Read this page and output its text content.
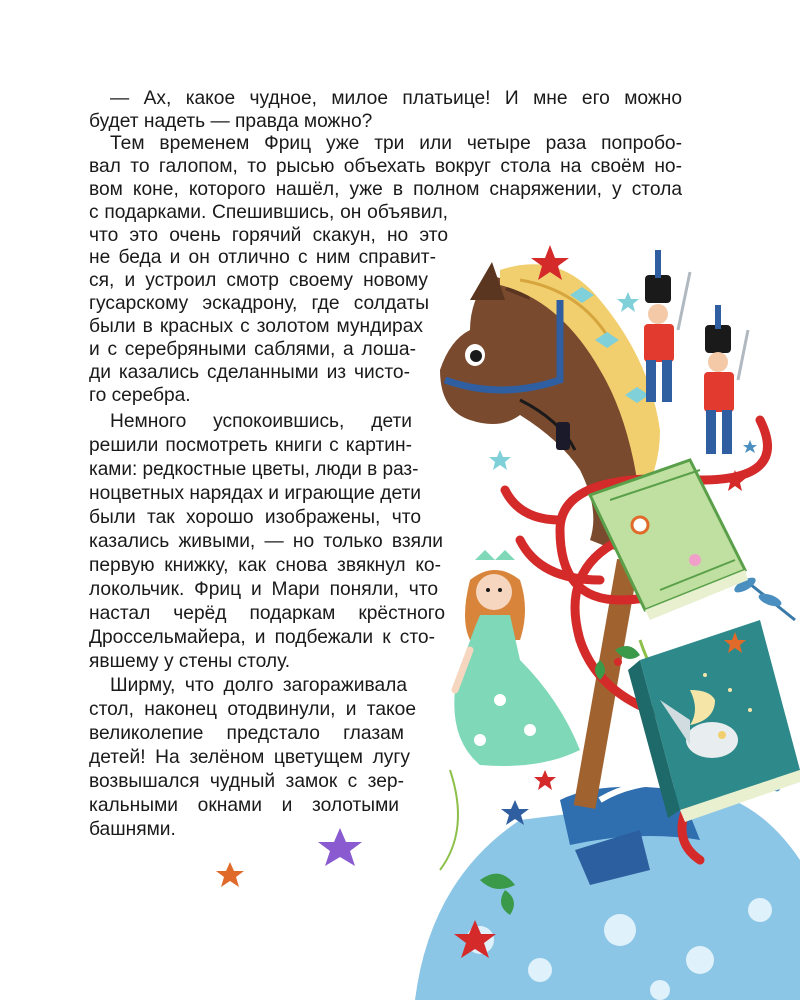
— Ах, какое чудное, милое платьице! И мне его можно

будет надеть — правда можно?

Тем временем Фриц уже три или четыре раза попробо-

вал то галопом, то рысью объехать вокруг стола на своём но-

вом коне, которого нашёл, уже в полном снаряжении, у стола

с подарками. Спешившись, он объявил,

что это очень горячий скакун, но это

не беда и он отлично с ним справит-

ся, и устроил смотр своему новому

гусарскому эскадрону, где солдаты

были в красных с золотом мундирах

и с серебряными саблями, а лоша-

ди казались сделанными из чисто-

го серебра.

Немного успокоившись, дети

решили посмотреть книги с картин-

ками: редкостные цветы, люди в раз-

ноцветных нарядах и играющие дети

были так хорошо изображены, что

казались живыми, — но только взяли

первую книжку, как снова звякнул ко-

локольчик. Фриц и Мари поняли, что

настал черёд подаркам крёстного

Дроссельмайера, и подбежали к сто-

явшему у стены столу.

Ширму, что долго загораживала

стол, наконец отодвинули, и такое

великолепие предстало глазам

детей! На зелёном цветущем лугу

возвышался чудный замок с зер-

кальными окнами и золотыми

башнями.
